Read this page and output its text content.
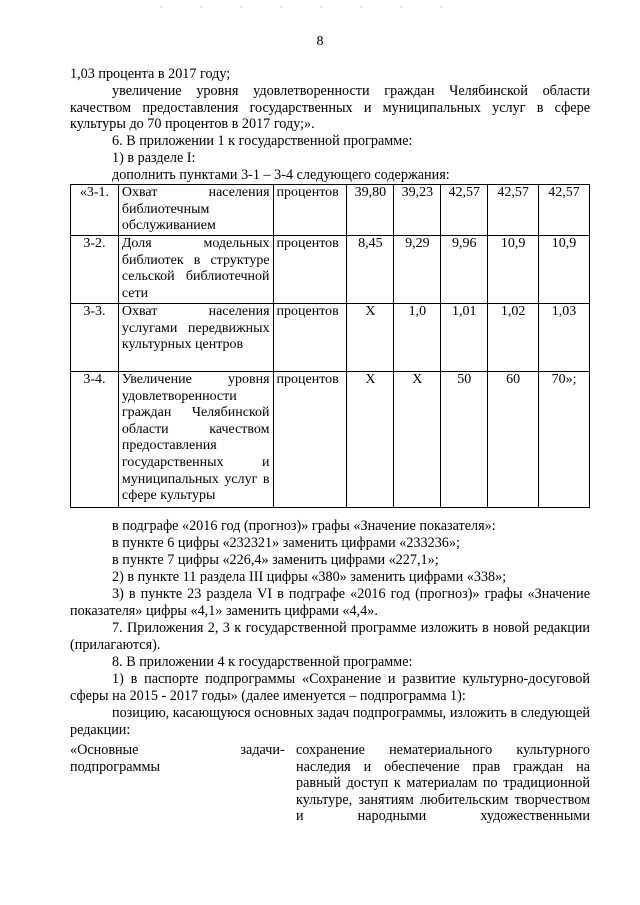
8

1,03 процента в 2017 году;

увеличение уровня удовлетворенности граждан Челябинской области качеством предоставления государственных и муниципальных услуг в сфере культуры до 70 процентов в 2017 году;».

6. В приложении 1 к государственной программе:

1) в разделе I:

дополнить пунктами 3-1 – 3-4 следующего содержания:

«3-1.	Охват населения библиотечным обслуживанием	процентов	39,80	39,23	42,57	42,57	42,57
3-2.	Доля модельных библиотек в структуре сельской библиотечной сети	процентов	8,45	9,29	9,96	10,9	10,9
3-3.	Охват населения услугами передвижных культурных центров	процентов	Х	1,0	1,01	1,02	1,03
3-4.	Увеличение уровня удовлетворенности граждан Челябинской области качеством предоставления государственных и муниципальных услуг в сфере культуры	процентов	Х	Х	50	60	70»;

в подграфе «2016 год (прогноз)» графы «Значение показателя»:

в пункте 6 цифры «232321» заменить цифрами «233236»;

в пункте 7 цифры «226,4» заменить цифрами «227,1»;

2) в пункте 11 раздела III цифры «380» заменить цифрами «338»;

3) в пункте 23 раздела VI в подграфе «2016 год (прогноз)» графы «Значение показателя» цифры «4,1» заменить цифрами «4,4».

7. Приложения 2, 3 к государственной программе изложить в новой редакции (прилагаются).

8. В приложении 4 к государственной программе:

1) в паспорте подпрограммы «Сохранение и развитие культурно-досуговой сферы на 2015 - 2017 годы» (далее именуется – подпрограмма 1):

позицию, касающуюся основных задач подпрограммы, изложить в следующей редакции:

«Основные	задачи
подпрограммы
- сохранение нематериального культурного наследия и обеспечение прав граждан на равный доступ к материалам по традиционной культуре, занятиям любительским творчеством и народными художественными
